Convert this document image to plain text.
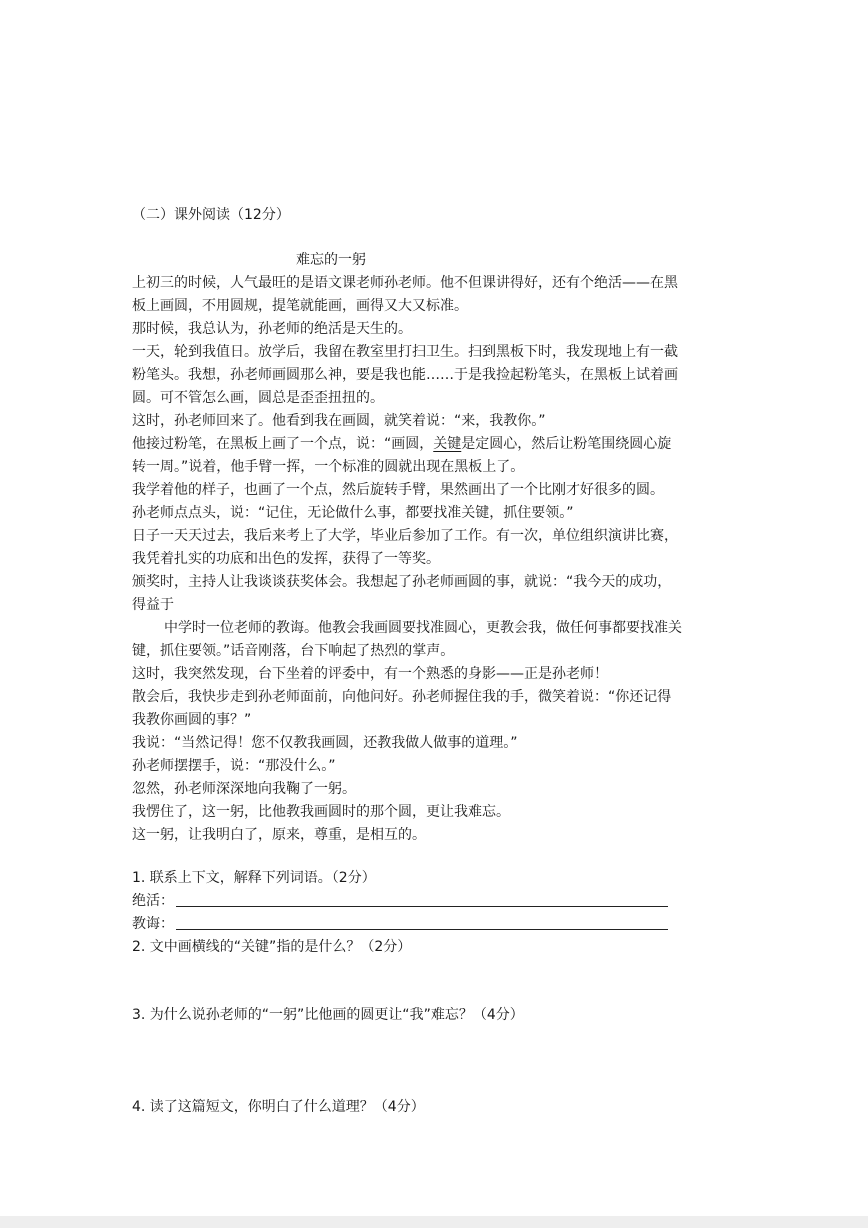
（二）课外阅读（12分）
难忘的一躬
上初三的时候，人气最旺的是语文课老师孙老师。他不但课讲得好，还有个绝活——在黑
板上画圆，不用圆规，提笔就能画，画得又大又标准。
那时候，我总认为，孙老师的绝活是天生的。
一天，轮到我值日。放学后，我留在教室里打扫卫生。扫到黑板下时，我发现地上有一截
粉笔头。我想，孙老师画圆那么神，要是我也能……于是我捡起粉笔头，在黑板上试着画
圆。可不管怎么画，圆总是歪歪扭扭的。
这时，孙老师回来了。他看到我在画圆，就笑着说：“来，我教你。”
他接过粉笔，在黑板上画了一个点，说：“画圆，关键是定圆心，然后让粉笔围绕圆心旋
转一周。”说着，他手臂一挥，一个标准的圆就出现在黑板上了。
我学着他的样子，也画了一个点，然后旋转手臂，果然画出了一个比刚才好很多的圆。
孙老师点点头，说：“记住，无论做什么事，都要找准关键，抓住要领。”
日子一天天过去，我后来考上了大学，毕业后参加了工作。有一次，单位组织演讲比赛，
我凭着扎实的功底和出色的发挥，获得了一等奖。
颁奖时，主持人让我谈谈获奖体会。我想起了孙老师画圆的事，就说：“我今天的成功，
得益于
中学时一位老师的教诲。他教会我画圆要找准圆心，更教会我，做任何事都要找准关
键，抓住要领。”话音刚落，台下响起了热烈的掌声。
这时，我突然发现，台下坐着的评委中，有一个熟悉的身影——正是孙老师！
散会后，我快步走到孙老师面前，向他问好。孙老师握住我的手，微笑着说：“你还记得
我教你画圆的事？”
我说：“当然记得！您不仅教我画圆，还教我做人做事的道理。”
孙老师摆摆手，说：“那没什么。”
忽然，孙老师深深地向我鞠了一躬。
我愣住了，这一躬，比他教我画圆时的那个圆，更让我难忘。
这一躬，让我明白了，原来，尊重，是相互的。
1. 联系上下文，解释下列词语。（2分）
绝活：
教诲：
2. 文中画横线的“关键”指的是什么？（2分）
3. 为什么说孙老师的“一躬”比他画的圆更让“我”难忘？（4分）
4. 读了这篇短文，你明白了什么道理？（4分）
